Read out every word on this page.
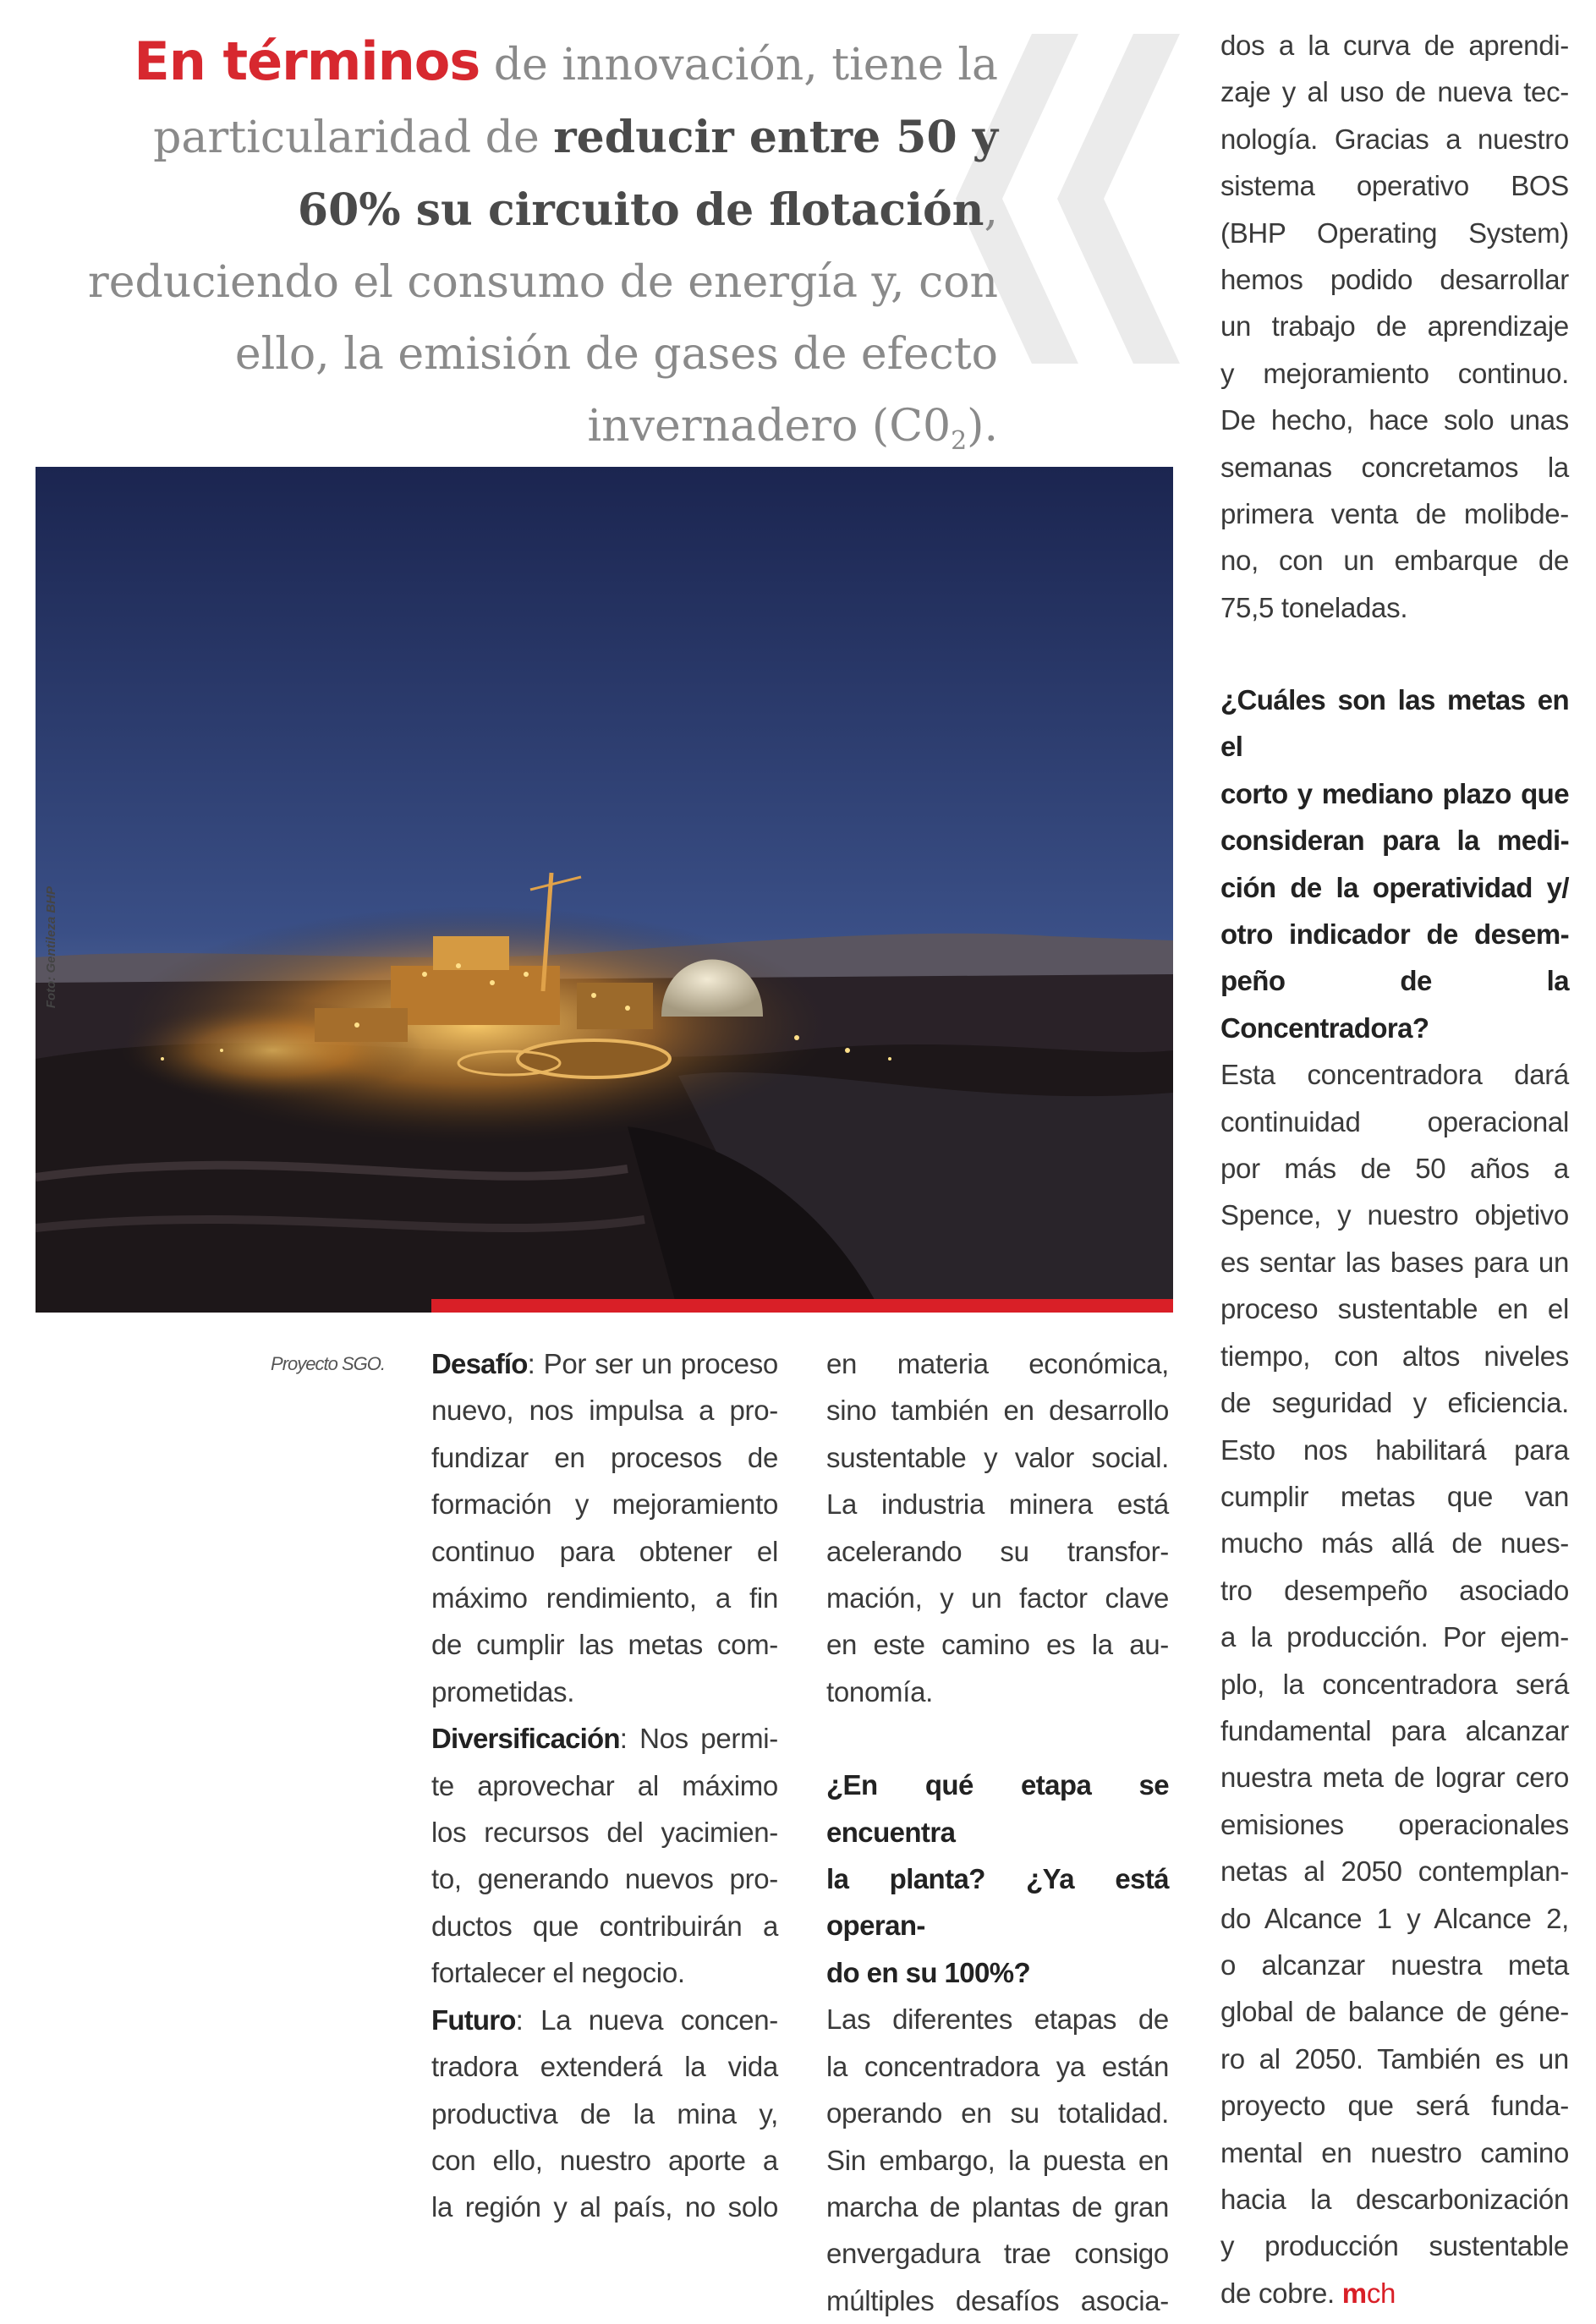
En términos de innovación, tiene la particularidad de reducir entre 50 y 60% su circuito de flotación, reduciendo el consumo de energía y, con ello, la emisión de gases de efecto invernadero $(C0_2)$.
Foto: Gentileza BHP
Proyecto SGO. Desafío: Por ser un proceso

nuevo, nos impulsa a pro-

fundizar en procesos de

formación y mejoramiento

continuo para obtener el

máximo rendimiento, a fin

de cumplir las metas com-

prometidas.

Diversificación: Nos permi-

te aprovechar al máximo

los recursos del yacimien-

to, generando nuevos pro-

ductos que contribuirán a

fortalecer el negocio.

Futuro: La nueva concen-

tradora extenderá la vida

productiva de la mina y,

con ello, nuestro aporte a

la región y al país, no solo

en materia económica,

sino también en desarrollo

sustentable y valor social.

La industria minera está

acelerando su transfor-

mación, y un factor clave

en este camino es la au-

tonomía.

¿En qué etapa se encuentra

la planta? ¿Ya está operan-

do en su 100%?

Las diferentes etapas de

la concentradora ya están

operando en su totalidad.

Sin embargo, la puesta en

marcha de plantas de gran

envergadura trae consigo

múltiples desafíos asocia-

dos a la curva de aprendi-

zaje y al uso de nueva tec-

nología. Gracias a nuestro

sistema operativo BOS

(BHP Operating System)

hemos podido desarrollar

un trabajo de aprendizaje

y mejoramiento continuo.

De hecho, hace solo unas

semanas concretamos la

primera venta de molibde-

no, con un embarque de

75,5 toneladas.

¿Cuáles son las metas en el

corto y mediano plazo que

consideran para la medi-

ción de la operatividad y/

otro indicador de desem-

peño de la Concentradora?

Esta concentradora dará

continuidad operacional

por más de 50 años a

Spence, y nuestro objetivo

es sentar las bases para un

proceso sustentable en el

tiempo, con altos niveles

de seguridad y eficiencia.

Esto nos habilitará para

cumplir metas que van

mucho más allá de nues-

tro desempeño asociado

a la producción. Por ejem-

plo, la concentradora será

fundamental para alcanzar

nuestra meta de lograr cero

emisiones operacionales

netas al 2050 contemplan-

do Alcance 1 y Alcance 2,

o alcanzar nuestra meta

global de balance de géne-

ro al 2050. También es un

proyecto que será funda-

mental en nuestro camino

hacia la descarbonización

y producción sustentable

de cobre. mch
